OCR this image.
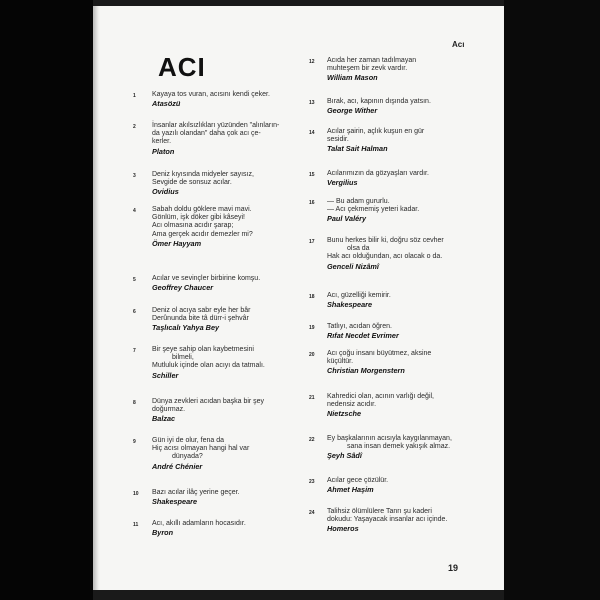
ACI
Acı
19
1 Kayaya tos vuran, acısını kendi çeker.
Atasözü
2 İnsanlar akılsızlıkları yüzünden "alınların-
da yazılı olandan" daha çok acı çe-
kerler.
Platon
3 Deniz kıyısında midyeler sayısız,
Sevgide de sonsuz acılar.
Ovidius
4 Sabah doldu göklere mavi mavi.
Gönlüm, işk döker gibi kâseyi!
Acı olmasına acıdır şarap;
Ama gerçek acıdır demezler mi?
Ömer Hayyam
5 Acılar ve sevinçler birbirine komşu.
Geoffrey Chaucer
6 Deniz ol acıya sabr eyle her bâr
Derûnunda bite tâ dürr-i şehvâr
Taşlıcalı Yahya Bey
7 Bir şeye sahip olan kaybetmesini
bilmeli,
Mutluluk içinde olan acıyı da tatmalı.
Schiller
8 Dünya zevkleri acıdan başka bir şey
doğurmaz.
Balzac
9 Gün iyi de olur, fena da
Hiç acısı olmayan hangi hal var
dünyada?
André Chénier
10 Bazı acılar ilâç yerine geçer.
Shakespeare
11 Acı, akıllı adamların hocasıdır.
Byron
12 Acıda her zaman tadılmayan
muhteşem bir zevk vardır.
William Mason
13 Bırak, acı, kapının dışında yatsın.
George Wither
14 Acılar şairin, açlık kuşun en gür
sesidir.
Talat Sait Halman
15 Acılarımızın da gözyaşları vardır.
Vergilius
16 — Bu adam gururlu.
— Acı çekmemiş yeteri kadar.
Paul Valéry
17 Bunu herkes bilir ki, doğru söz cevher
olsa da
Hak acı olduğundan, acı olacak o da.
Genceli Nizâmî
18 Acı, güzelliği kemirir.
Shakespeare
19 Tatlıyı, acıdan öğren.
Rıfat Necdet Evrimer
20 Acı çoğu insanı büyütmez, aksine
küçültür.
Christian Morgenstern
21 Kahredici olan, acının varlığı değil,
nedensiz acıdır.
Nietzsche
22 Ey başkalarının acısıyla kaygılanmayan,
sana insan demek yakışık almaz.
Şeyh Sâdî
23 Acılar gece çözülür.
Ahmet Haşim
24 Talihsiz ölümlülere Tanrı şu kaderi
dokudu: Yaşayacak insanlar acı içinde.
Homeros
